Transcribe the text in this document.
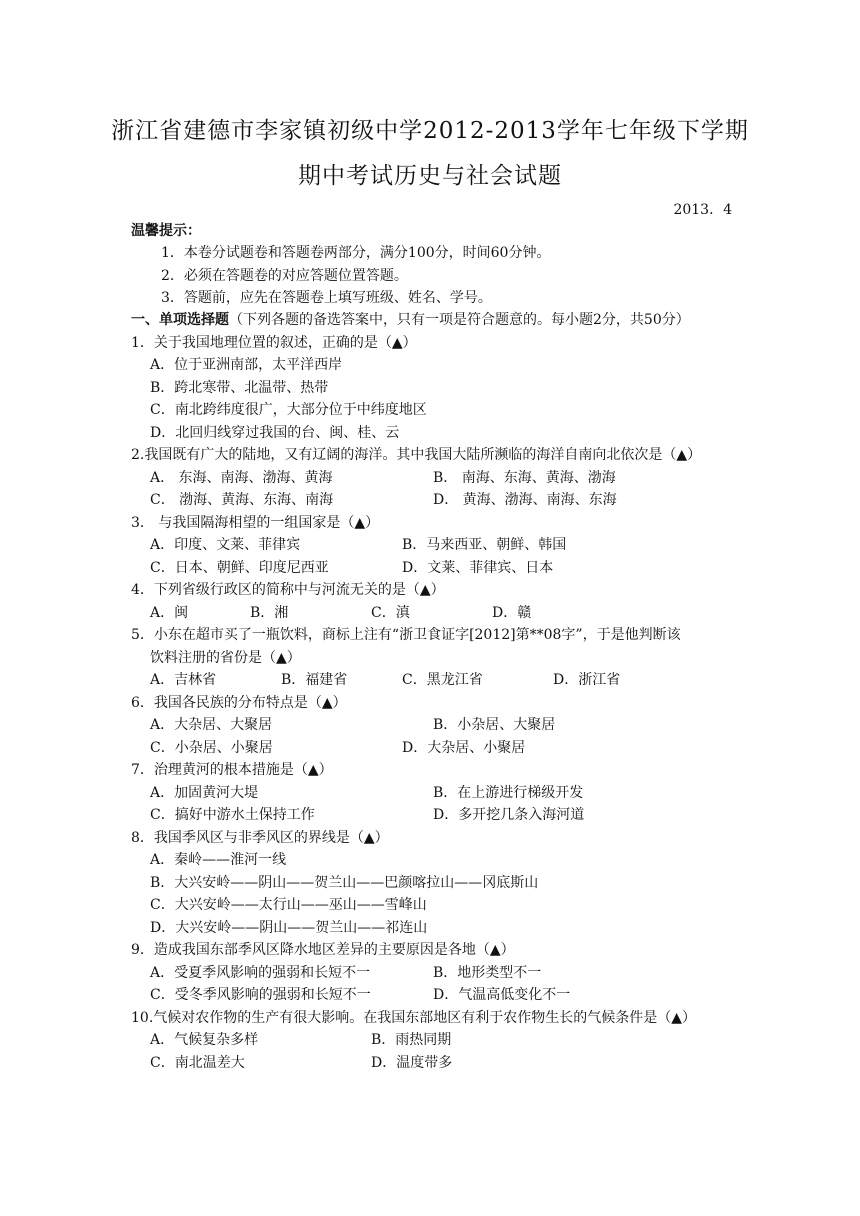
浙江省建德市李家镇初级中学2012-2013学年七年级下学期
期中考试历史与社会试题
2013．4
温馨提示：
1．本卷分试题卷和答题卷两部分，满分100分，时间60分钟。
2．必须在答题卷的对应答题位置答题。
3．答题前，应先在答题卷上填写班级、姓名、学号。
一、单项选择题（下列各题的备选答案中，只有一项是符合题意的。每小题2分，共50分）
1．关于我国地理位置的叙述，正确的是（▲）
A．位于亚洲南部，太平洋西岸
B．跨北寒带、北温带、热带
C．南北跨纬度很广，大部分位于中纬度地区
D．北回归线穿过我国的台、闽、桂、云
2.我国既有广大的陆地，又有辽阔的海洋。其中我国大陆所濒临的海洋自南向北依次是（▲）
A． 东海、南海、渤海、黄海	B． 南海、东海、黄海、渤海
C． 渤海、黄海、东海、南海	D． 黄海、渤海、南海、东海
3． 与我国隔海相望的一组国家是（▲）
A．印度、文莱、菲律宾	B．马来西亚、朝鲜、韩国
C．日本、朝鲜、印度尼西亚	D．文莱、菲律宾、日本
4．下列省级行政区的简称中与河流无关的是（▲）
A．闽	B．湘	C．滇	D．赣
5．小东在超市买了一瓶饮料，商标上注有“浙卫食证字[2012]第**08字”，于是他判断该
饮料注册的省份是（▲）
A．吉林省	B．福建省	C．黑龙江省	D．浙江省
6．我国各民族的分布特点是（▲）
A．大杂居、大聚居	B．小杂居、大聚居
C．小杂居、小聚居	D．大杂居、小聚居
7．治理黄河的根本措施是（▲）
A．加固黄河大堤	B．在上游进行梯级开发
C．搞好中游水土保持工作	D．多开挖几条入海河道
8．我国季风区与非季风区的界线是（▲）
A．秦岭——淮河一线
B．大兴安岭——阴山——贺兰山——巴颜喀拉山——冈底斯山
C．大兴安岭——太行山——巫山——雪峰山
D．大兴安岭——阴山——贺兰山——祁连山
9．造成我国东部季风区降水地区差异的主要原因是各地（▲）
A．受夏季风影响的强弱和长短不一	B．地形类型不一
C．受冬季风影响的强弱和长短不一	D．气温高低变化不一
10.气候对农作物的生产有很大影响。在我国东部地区有利于农作物生长的气候条件是（▲）
A．气候复杂多样	B．雨热同期
C．南北温差大	D．温度带多
